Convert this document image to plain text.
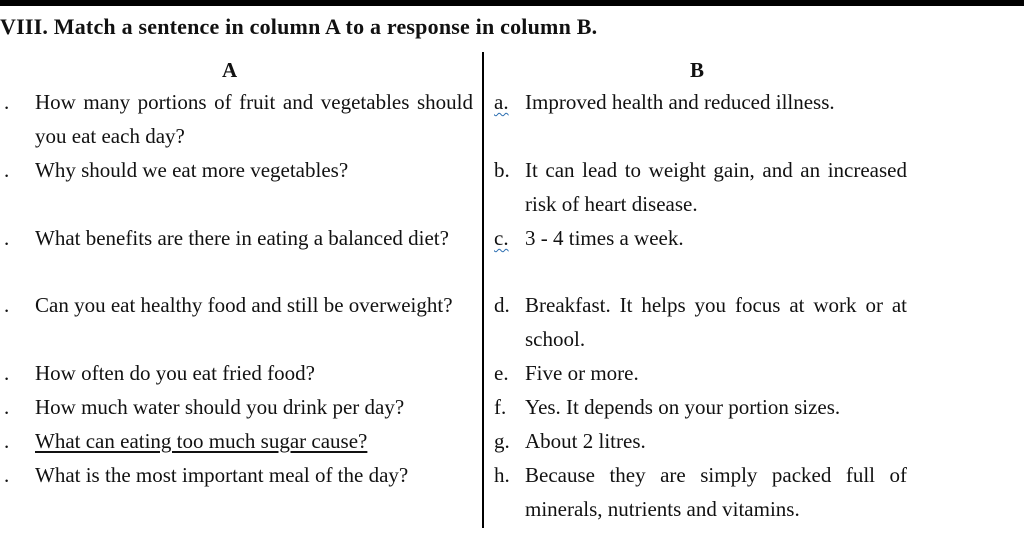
VIII. Match a sentence in column A to a response in column B.
A	B
. How many portions of fruit and vegetables should you eat each day?
. Why should we eat more vegetables?
. What benefits are there in eating a balanced diet?
. Can you eat healthy food and still be overweight?
. How often do you eat fried food?
. How much water should you drink per day?
. What can eating too much sugar cause?
. What is the most important meal of the day?
a. Improved health and reduced illness.
b. It can lead to weight gain, and an increased risk of heart disease.
c. 3 - 4 times a week.
d. Breakfast. It helps you focus at work or at school.
e. Five or more.
f. Yes. It depends on your portion sizes.
g. About 2 litres.
h. Because they are simply packed full of minerals, nutrients and vitamins.
